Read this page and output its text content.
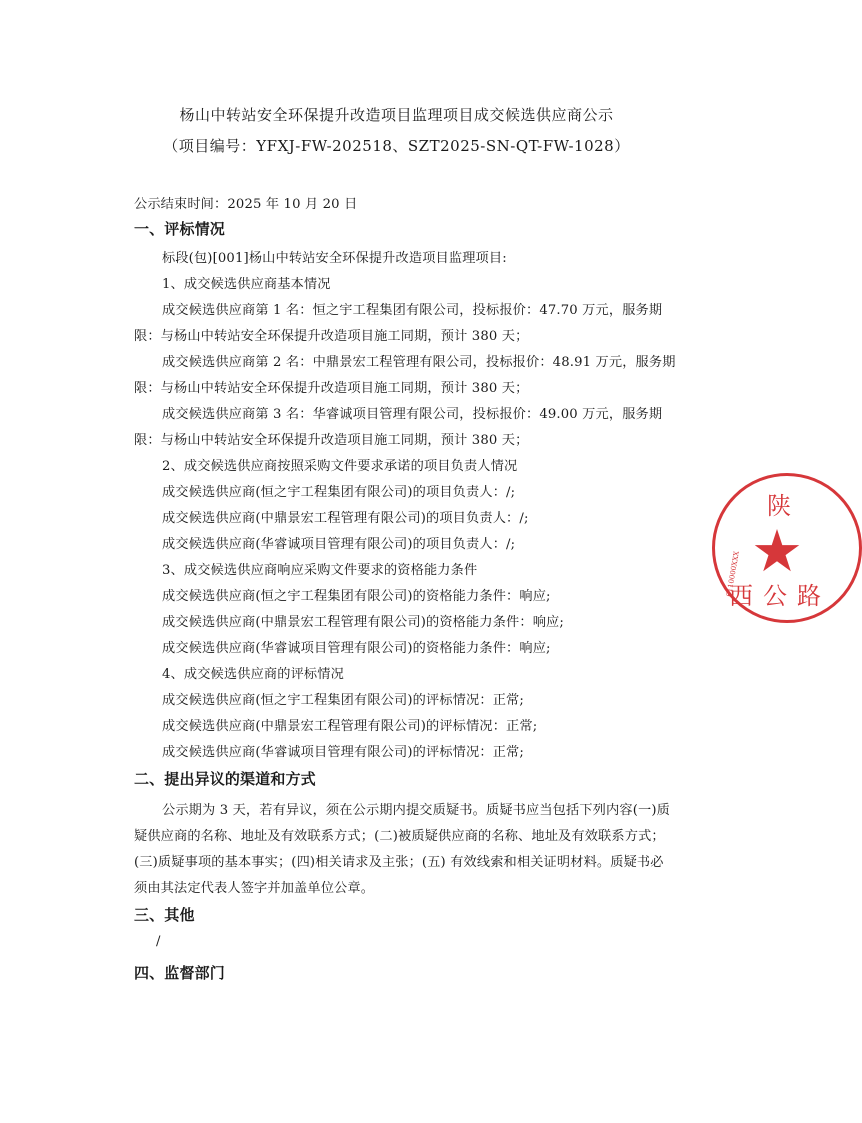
杨山中转站安全环保提升改造项目监理项目成交候选供应商公示
（项目编号：YFXJ-FW-202518、SZT2025-SN-QT-FW-1028）
公示结束时间：2025 年 10 月 20 日
一、评标情况
标段(包)[001]杨山中转站安全环保提升改造项目监理项目:
1、成交候选供应商基本情况
成交候选供应商第 1 名：恒之宇工程集团有限公司，投标报价：47.70 万元，服务期
限：与杨山中转站安全环保提升改造项目施工同期，预计 380 天；
成交候选供应商第 2 名：中鼎景宏工程管理有限公司，投标报价：48.91 万元，服务期
限：与杨山中转站安全环保提升改造项目施工同期，预计 380 天；
成交候选供应商第 3 名：华睿诚项目管理有限公司，投标报价：49.00 万元，服务期
限：与杨山中转站安全环保提升改造项目施工同期，预计 380 天；
2、成交候选供应商按照采购文件要求承诺的项目负责人情况
成交候选供应商(恒之宇工程集团有限公司)的项目负责人：/;
成交候选供应商(中鼎景宏工程管理有限公司)的项目负责人：/;
成交候选供应商(华睿诚项目管理有限公司)的项目负责人：/;
3、成交候选供应商响应采购文件要求的资格能力条件
成交候选供应商(恒之宇工程集团有限公司)的资格能力条件：响应;
成交候选供应商(中鼎景宏工程管理有限公司)的资格能力条件：响应;
成交候选供应商(华睿诚项目管理有限公司)的资格能力条件：响应;
4、成交候选供应商的评标情况
成交候选供应商(恒之宇工程集团有限公司)的评标情况：正常;
成交候选供应商(中鼎景宏工程管理有限公司)的评标情况：正常;
成交候选供应商(华睿诚项目管理有限公司)的评标情况：正常;
二、提出异议的渠道和方式
公示期为 3 天，若有异议，须在公示期内提交质疑书。质疑书应当包括下列内容(一)质
疑供应商的名称、地址及有效联系方式；(二)被质疑供应商的名称、地址及有效联系方式；
(三)质疑事项的基本事实；(四)相关请求及主张；(五) 有效线索和相关证明材料。质疑书必
须由其法定代表人签字并加盖单位公章。
三、其他
/
四、监督部门
陕
★
西公路
6110000XXX
